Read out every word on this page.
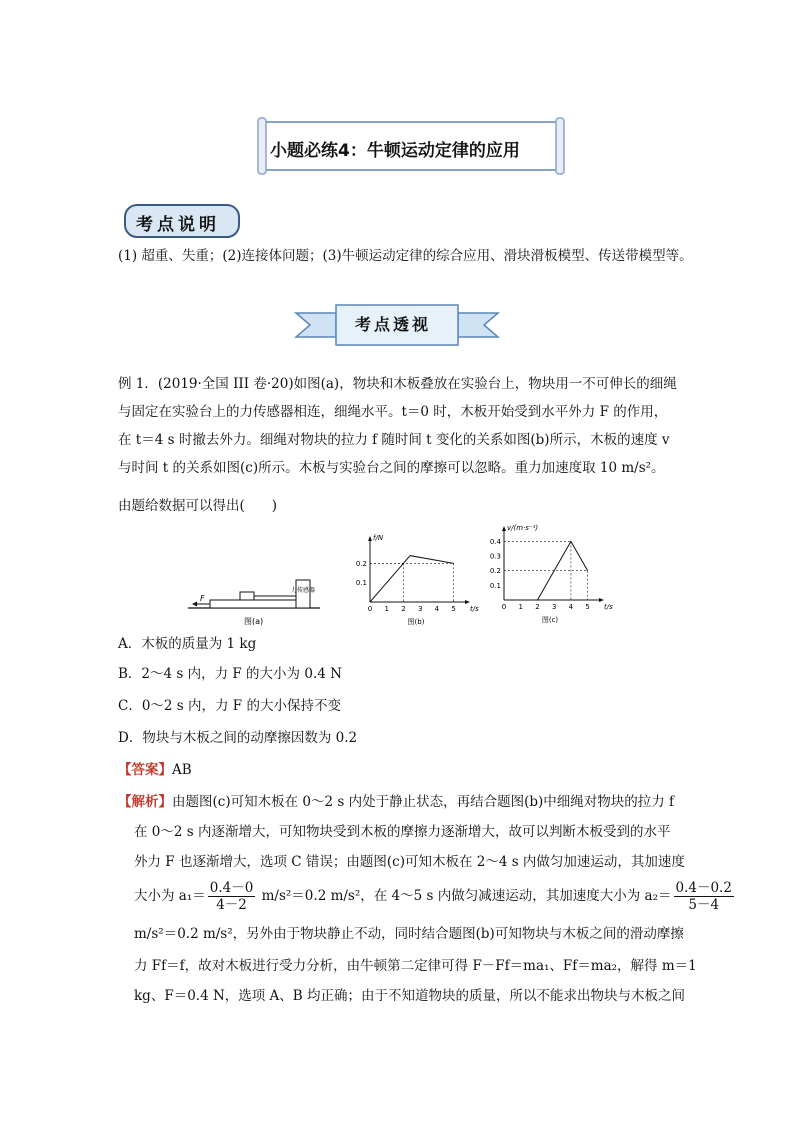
小题必练4：牛顿运动定律的应用
考点说明
(1) 超重、失重；(2)连接体问题；(3)牛顿运动定律的综合应用、滑块滑板模型、传送带模型等。
考点透视
例 1．(2019·全国 III 卷·20)如图(a)，物块和木板叠放在实验台上，物块用一不可伸长的细绳
与固定在实验台上的力传感器相连，细绳水平。t＝0 时，木板开始受到水平外力 F 的作用，
在 t＝4 s 时撤去外力。细绳对物块的拉力 f 随时间 t 变化的关系如图(b)所示，木板的速度 v
与时间 t 的关系如图(c)所示。木板与实验台之间的摩擦可以忽略。重力加速度取 10 m/s²。
由题给数据可以得出(　　)
力传感器
F
图(a)
0 1 2 3 4 5
0.1
0.2
t/s
f/N
图(b)
0 1 2 3 4 5
0.1
0.2
0.3
0.4
t/s
v/(m·s⁻¹)
图(c)
A．木板的质量为 1 kg
B．2～4 s 内，力 F 的大小为 0.4 N
C．0～2 s 内，力 F 的大小保持不变
D．物块与木板之间的动摩擦因数为 0.2
【答案】AB
【解析】由题图(c)可知木板在 0～2 s 内处于静止状态，再结合题图(b)中细绳对物块的拉力 f
在 0～2 s 内逐渐增大，可知物块受到木板的摩擦力逐渐增大，故可以判断木板受到的水平
外力 F 也逐渐增大，选项 C 错误；由题图(c)可知木板在 2～4 s 内做匀加速运动，其加速度
大小为 $a_1= \frac{0.4-0}{4-2} m/s^2=0.2$ m/s²，在 4～5 s 内做匀减速运动，其加速度大小为 $a_2= \frac{0.4-0.2}{5-4}$
m/s²＝0.2 m/s²，另外由于物块静止不动，同时结合题图(b)可知物块与木板之间的滑动摩擦
力 Ff＝f，故对木板进行受力分析，由牛顿第二定律可得 F－Ff＝ma₁、Ff＝ma₂，解得 m＝1
kg、F＝0.4 N，选项 A、B 均正确；由于不知道物块的质量，所以不能求出物块与木板之间
